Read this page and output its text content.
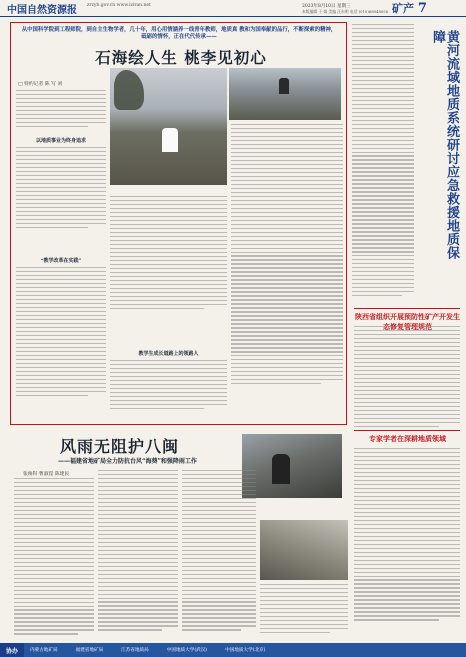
中国自然资源报 zrzyb.gov.cn www.iziran.net	2023年8月10日 星期三
本版编辑 于 婧 美编 汪东明 电话 (010)68048056 矿产 7
从中国科学院到工程师院，到自主生物学者，几十年，用心用情涵养一线青年教师，地质真 教和为国奉献的品行，不断探索的精神，砥砺的情怀，正在代代传承——
石海绘人生 桃李见初心
□ 特约记者 陈 写 刘
以地质事业为终身追求
“教学改革在实践”
教学生成长道路上的领路人
黄河流域地质系统研讨应急救援地质保障
陕西省组织开展预防性矿产开发生
专家学者在深耕地质领域
风雨无阻护八闽
——福建省地矿局全力防抗台风“海葵”和强降雨工作
张俊科 曹淑滢 陈建民
协办	内蒙古地矿局	福建省地矿局	江苏省地质局	中国地质大学(武汉)	中国地质大学(北京)
